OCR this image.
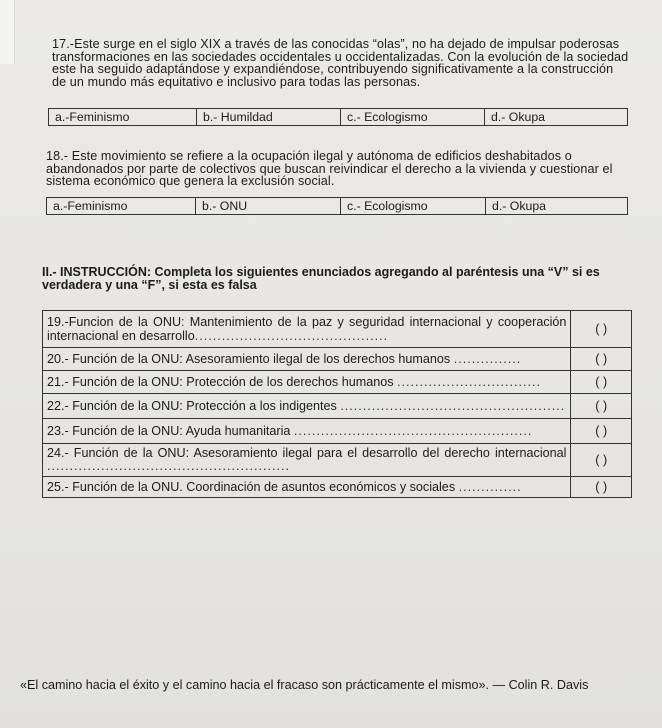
17.-Este surge en el siglo XIX a través de las conocidas “olas”, no ha dejado de impulsar poderosas transformaciones en las sociedades occidentales u occidentalizadas. Con la evolución de la sociedad este ha seguido adaptándose y expandiéndose, contribuyendo significativamente a la construcción de un mundo más equitativo e inclusivo para todas las personas.
a.-Feminismo	b.- Humildad	c.- Ecologismo	d.- Okupa
18.- Este movimiento se refiere a la ocupación ilegal y autónoma de edificios deshabitados o abandonados por parte de colectivos que buscan reivindicar el derecho a la vivienda y cuestionar el sistema económico que genera la exclusión social.
a.-Feminismo	b.- ONU	c.- Ecologismo	d.- Okupa
II.- INSTRUCCIÓN: Completa los siguientes enunciados agregando al paréntesis una “V” si es verdadera y una “F”, si esta es falsa
19.-Funcion de la ONU: Mantenimiento de la paz y seguridad internacional y cooperación internacional en desarrollo...........................................	( )
20.- Función de la ONU: Asesoramiento ilegal de los derechos humanos ...............	( )
21.- Función de la ONU: Protección de los derechos humanos ................................	( )
22.- Función de la ONU: Protección a los indigentes ..................................................	( )
23.- Función de la ONU: Ayuda humanitaria .....................................................	( )
24.- Función de la ONU: Asesoramiento ilegal para el desarrollo del derecho internacional ......................................................	( )
25.- Función de la ONU. Coordinación de asuntos económicos y sociales ..............	( )
«El camino hacia el éxito y el camino hacia el fracaso son prácticamente el mismo». — Colin R. Davis
